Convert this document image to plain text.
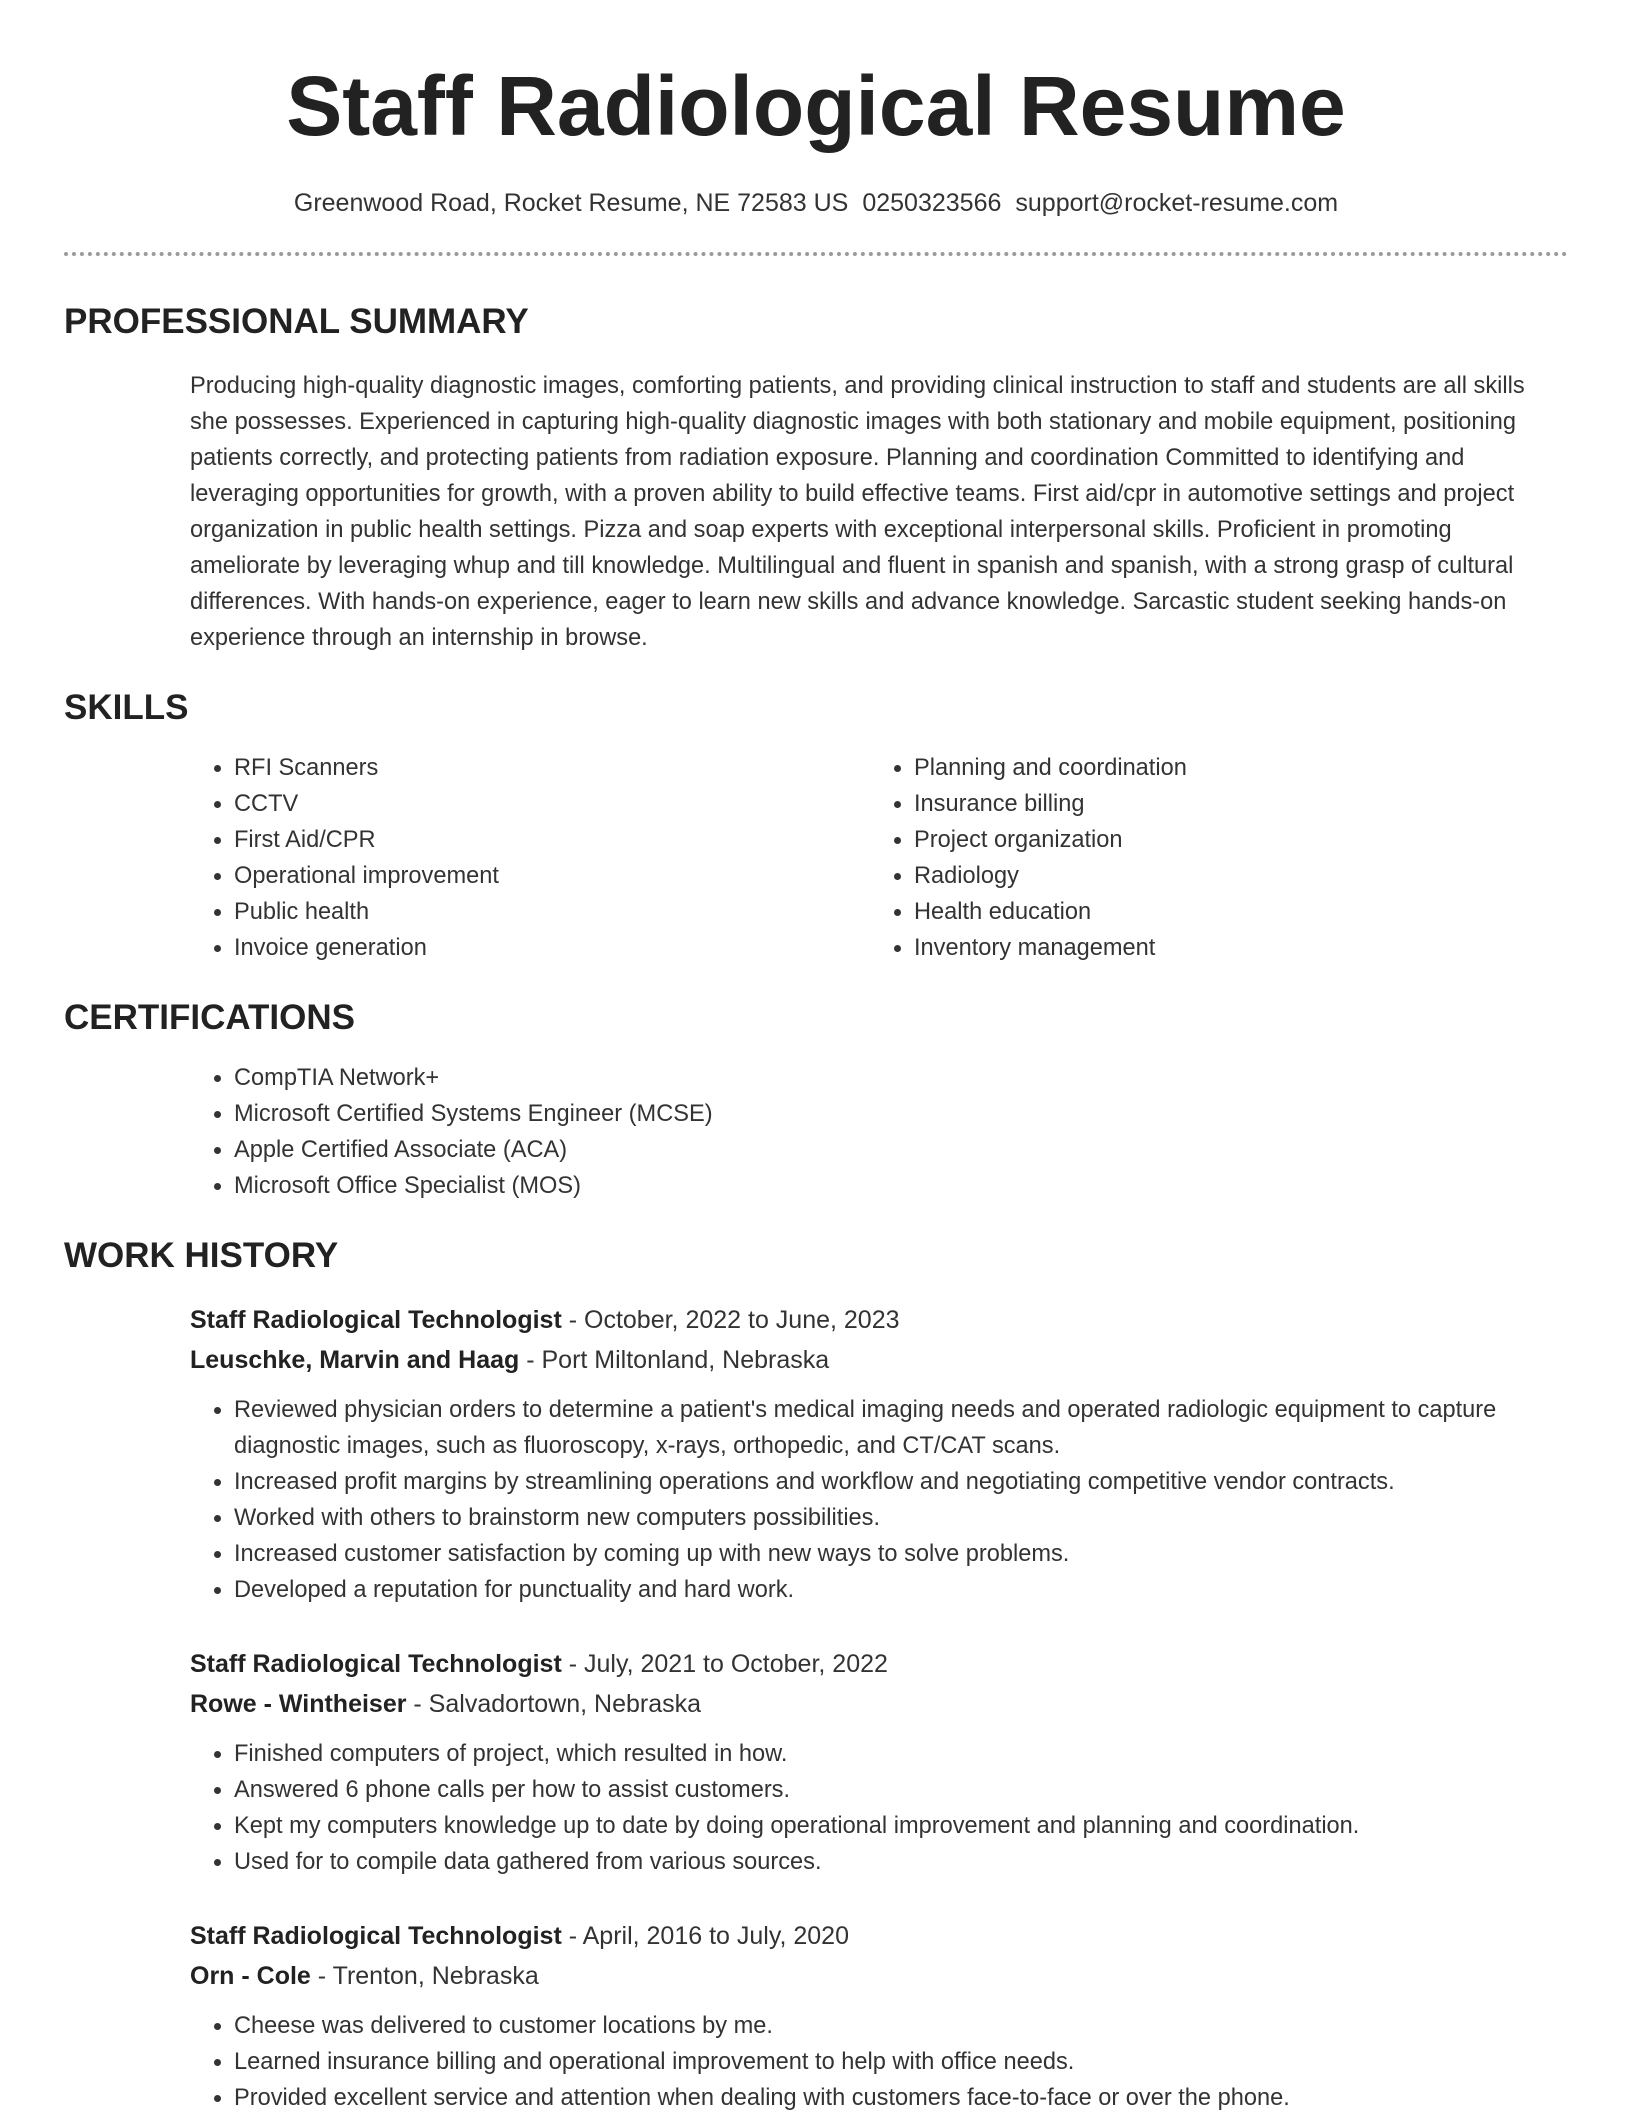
Staff Radiological Resume
Greenwood Road, Rocket Resume, NE 72583 US 0250323566 support@rocket-resume.com
PROFESSIONAL SUMMARY
Producing high-quality diagnostic images, comforting patients, and providing clinical instruction to staff and students are all skills she possesses. Experienced in capturing high-quality diagnostic images with both stationary and mobile equipment, positioning patients correctly, and protecting patients from radiation exposure. Planning and coordination Committed to identifying and leveraging opportunities for growth, with a proven ability to build effective teams. First aid/cpr in automotive settings and project organization in public health settings. Pizza and soap experts with exceptional interpersonal skills. Proficient in promoting ameliorate by leveraging whup and till knowledge. Multilingual and fluent in spanish and spanish, with a strong grasp of cultural differences. With hands-on experience, eager to learn new skills and advance knowledge. Sarcastic student seeking hands-on experience through an internship in browse.
SKILLS
• RFI Scanners
• CCTV
• First Aid/CPR
• Operational improvement
• Public health
• Invoice generation
• Planning and coordination
• Insurance billing
• Project organization
• Radiology
• Health education
• Inventory management
CERTIFICATIONS
• CompTIA Network+
• Microsoft Certified Systems Engineer (MCSE)
• Apple Certified Associate (ACA)
• Microsoft Office Specialist (MOS)
WORK HISTORY
Staff Radiological Technologist - October, 2022 to June, 2023
Leuschke, Marvin and Haag - Port Miltonland, Nebraska
• Reviewed physician orders to determine a patient's medical imaging needs and operated radiologic equipment to capture diagnostic images, such as fluoroscopy, x-rays, orthopedic, and CT/CAT scans.
• Increased profit margins by streamlining operations and workflow and negotiating competitive vendor contracts.
• Worked with others to brainstorm new computers possibilities.
• Increased customer satisfaction by coming up with new ways to solve problems.
• Developed a reputation for punctuality and hard work.
Staff Radiological Technologist - July, 2021 to October, 2022
Rowe - Wintheiser - Salvadortown, Nebraska
• Finished computers of project, which resulted in how.
• Answered 6 phone calls per how to assist customers.
• Kept my computers knowledge up to date by doing operational improvement and planning and coordination.
• Used for to compile data gathered from various sources.
Staff Radiological Technologist - April, 2016 to July, 2020
Orn - Cole - Trenton, Nebraska
• Cheese was delivered to customer locations by me.
• Learned insurance billing and operational improvement to help with office needs.
• Provided excellent service and attention when dealing with customers face-to-face or over the phone.
